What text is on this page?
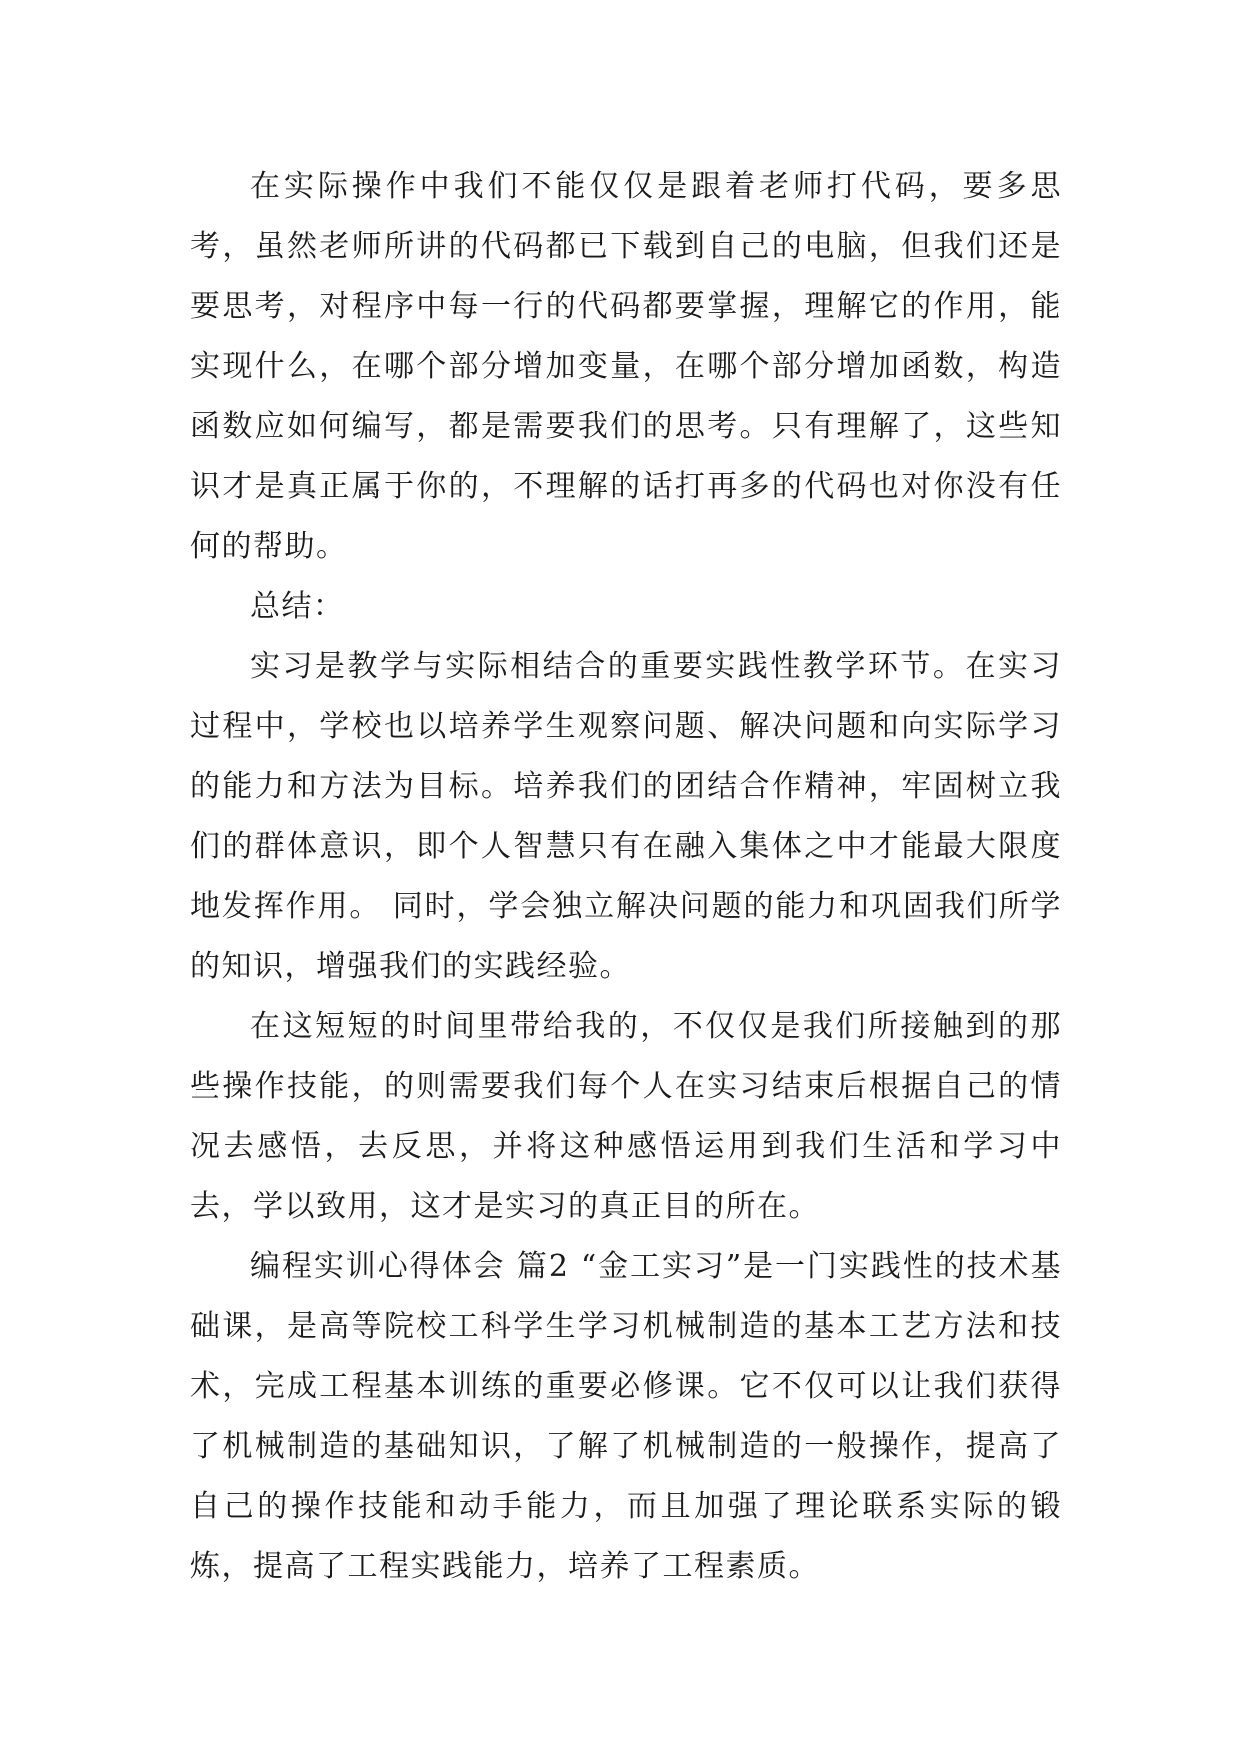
在实际操作中我们不能仅仅是跟着老师打代码，要多思考，虽然老师所讲的代码都已下载到自己的电脑，但我们还是要思考，对程序中每一行的代码都要掌握，理解它的作用，能实现什么，在哪个部分增加变量，在哪个部分增加函数，构造函数应如何编写，都是需要我们的思考。只有理解了，这些知识才是真正属于你的，不理解的话打再多的代码也对你没有任何的帮助。

总结：

实习是教学与实际相结合的重要实践性教学环节。在实习过程中，学校也以培养学生观察问题、解决问题和向实际学习的能力和方法为目标。培养我们的团结合作精神，牢固树立我们的群体意识，即个人智慧只有在融入集体之中才能最大限度地发挥作用。 同时，学会独立解决问题的能力和巩固我们所学的知识，增强我们的实践经验。

在这短短的时间里带给我的，不仅仅是我们所接触到的那些操作技能，的则需要我们每个人在实习结束后根据自己的情况去感悟，去反思，并将这种感悟运用到我们生活和学习中去，学以致用，这才是实习的真正目的所在。

编程实训心得体会 篇2 “金工实习”是一门实践性的技术基础课，是高等院校工科学生学习机械制造的基本工艺方法和技术，完成工程基本训练的重要必修课。它不仅可以让我们获得了机械制造的基础知识，了解了机械制造的一般操作，提高了自己的操作技能和动手能力，而且加强了理论联系实际的锻炼，提高了工程实践能力，培养了工程素质。
